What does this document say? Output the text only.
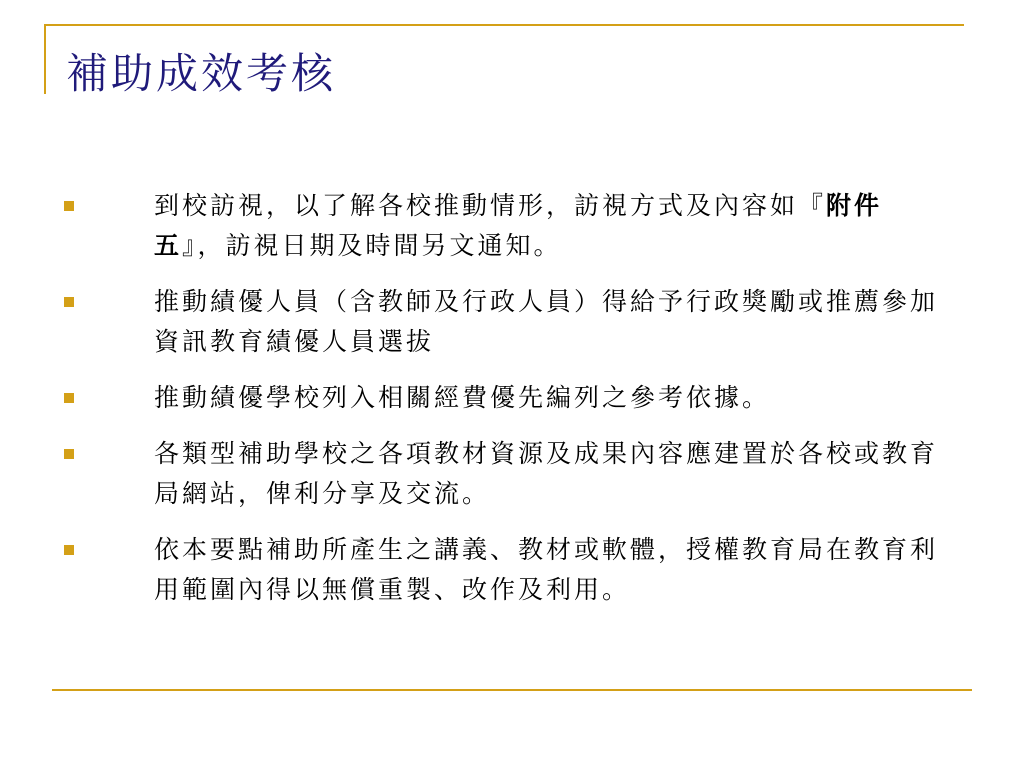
補助成效考核
到校訪視，以了解各校推動情形，訪視方式及內容如『附件五』，訪視日期及時間另文通知。
推動績優人員（含教師及行政人員）得給予行政獎勵或推薦參加資訊教育績優人員選拔
推動績優學校列入相關經費優先編列之參考依據。
各類型補助學校之各項教材資源及成果內容應建置於各校或教育局網站，俾利分享及交流。
依本要點補助所產生之講義、教材或軟體，授權教育局在教育利用範圍內得以無償重製、改作及利用。
